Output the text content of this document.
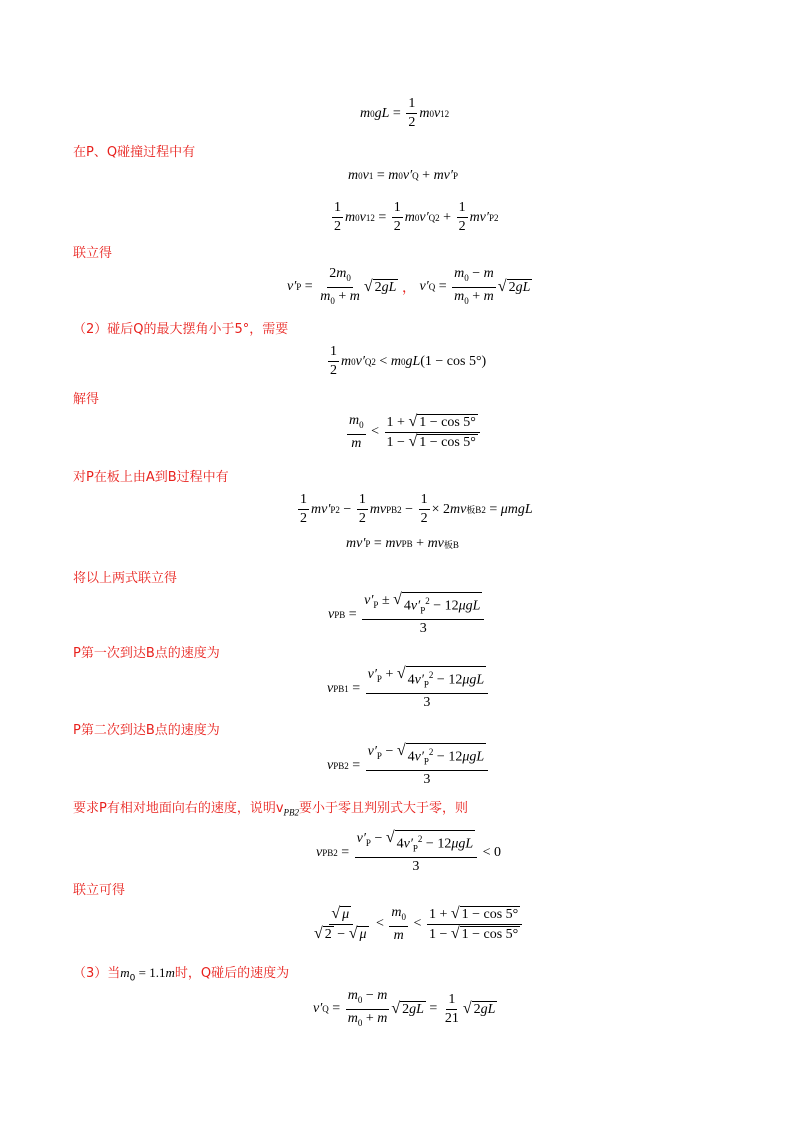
m 0 gL = $\frac{1}{2}$ m 0 v 1 2
在P、Q碰撞过程中有
m 0 v 1 = m 0 v′ Q + mv′ P
$\frac{1}{2}$ m 0 v 1 $2 = \frac{1}{2}$ m 0 v′ Q $2 + \frac{1}{2} mv'$ P 2
联立得
v′ $P = \frac{2m_0}{m_0 + m}$ √ 2gL ， v′ $Q = \frac{m_0 - m}{m_0 + m}$ √ 2gL
（2）碰后Q的最大摆角小于5°，需要
$\frac{1}{2}$ m 0 v′ Q 2 < m 0 gL (1 − cos 5°)
解得
$\frac{m_0}{m} < \frac{1 + √ 1 - \cos 5^\circ}{1 - √ 1 - \cos 5^\circ}$
对P在板上由A到B过程中有
$\frac{1}{2} mv'$ P $2 - \frac{1}{2}$ mv PB $2 - \frac{1}{2} \times 2$ mv 板B 2 = μmgL
mv′ P = mv PB + mv 板B
将以上两式联立得
v PB = $\frac{v'_P \pm √ 4v'_P^2 - 12\mu gL}{3}$
P第一次到达B点的速度为
v $PB1 = \frac{v'_P + √ 4v'_P^2 - 12\mu gL}{3}$
P第二次到达B点的速度为
v $PB2 = \frac{v'_P - √ 4v'_P^2 - 12\mu gL}{3}$
要求P有相对地面向右的速度，说明$v_{PB2}$要小于零且判别式大于零，则
v $PB2 = \frac{v'_P - √ 4v'_P^2 - 12\mu gL}{3} < 0$
联立可得
$\frac{√ \mu}{√ 2 - √ \mu} < \frac{m_0}{m} < \frac{1 + √ 1 - \cos 5^\circ}{1 - √ 1 - \cos 5^\circ}$
（3）当$m_0 = 1.1m$时，Q碰后的速度为
v′ $Q = \frac{m_0 - m}{m_0 + m}$ √ $2gL = \frac{1}{21}$ √ 2gL
